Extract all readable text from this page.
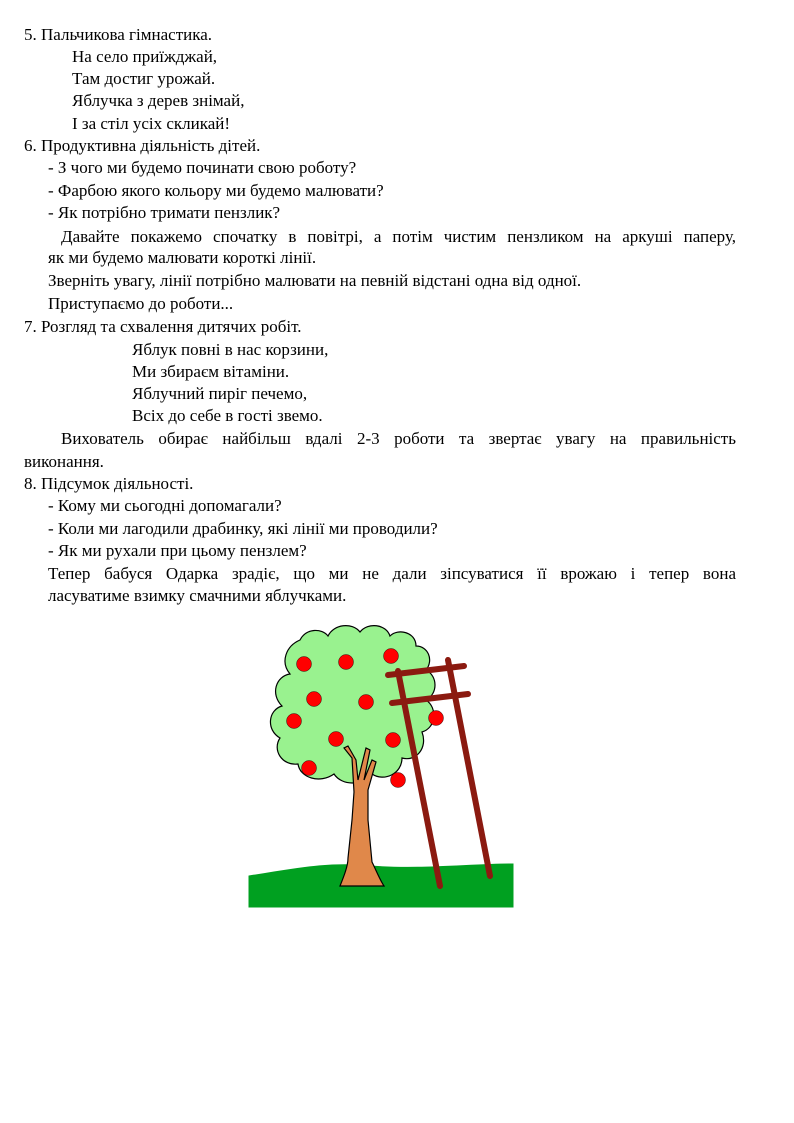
5. Пальчикова гімнастика.
На село приїжджай,
Там достиг урожай.
Яблучка з дерев знімай,
І за стіл усіх скликай!
6. Продуктивна діяльність дітей.
- З чого ми будемо починати свою роботу?
- Фарбою якого кольору ми будемо малювати?
- Як потрібно тримати пензлик?
Давайте покажемо спочатку в повітрі, а потім чистим пензликом на аркуші паперу,
як ми будемо малювати короткі лінії.
Зверніть увагу, лінії потрібно малювати на певній відстані одна від одної.
Приступаємо до роботи...
7. Розгляд та схвалення дитячих робіт.
Яблук повні в нас корзини,
Ми збираєм вітаміни.
Яблучний пиріг печемо,
Всіх до себе в гості звемо.
Вихователь обирає найбільш вдалі 2-3 роботи та звертає увагу на правильність
виконання.
8. Підсумок діяльності.
- Кому ми сьогодні допомагали?
- Коли ми лагодили драбинку, які лінії ми проводили?
- Як ми рухали при цьому пензлем?
Тепер бабуся Одарка зрадіє, що ми не дали зіпсуватися її врожаю і тепер вона
ласуватиме взимку смачними яблучками.
